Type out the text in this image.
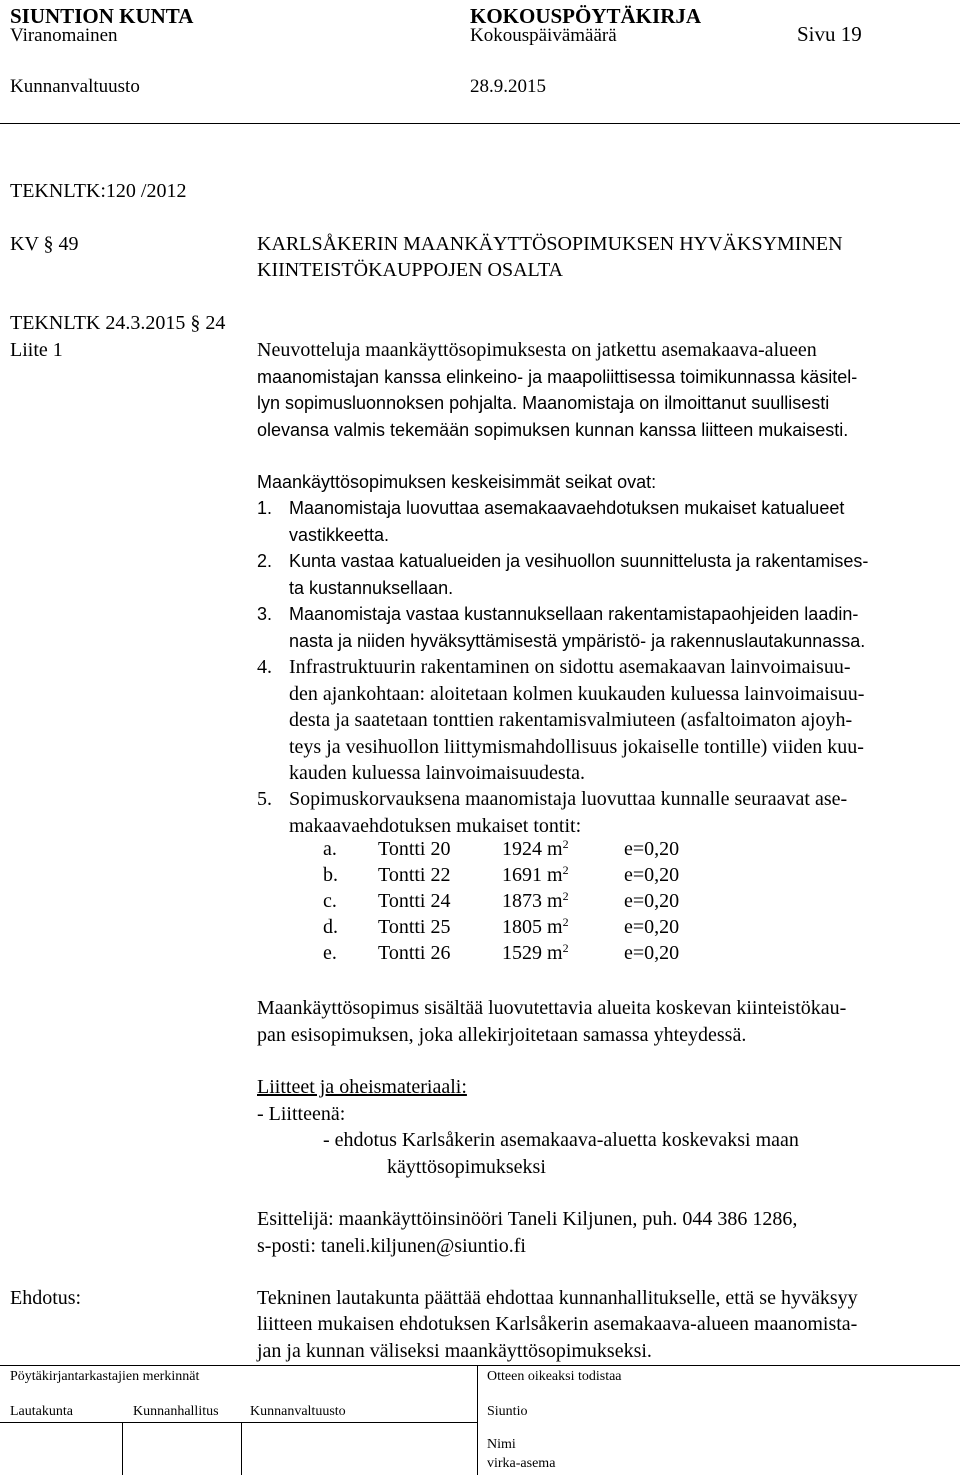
SIUNTION KUNTA	KOKOUSPÖYTÄKIRJA
Viranomainen	Kokouspäivämäärä	Sivu 19
Kunnanvaltuusto	28.9.2015
TEKNLTK:120 /2012
KV § 49	KARLSÅKERIN MAANKÄYTTÖSOPIMUKSEN HYVÄKSYMINEN
KIINTEISTÖKAUPPOJEN OSALTA
TEKNLTK 24.3.2015 § 24
Liite 1	Neuvotteluja maankäyttösopimuksesta on jatkettu asemakaava-alueen
maanomistajan kanssa elinkeino- ja maapoliittisessa toimikunnassa käsitel-
lyn sopimusluonnoksen pohjalta. Maanomistaja on ilmoittanut suullisesti
olevansa valmis tekemään sopimuksen kunnan kanssa liitteen mukaisesti.
Maankäyttösopimuksen keskeisimmät seikat ovat:
1. Maanomistaja luovuttaa asemakaavaehdotuksen mukaiset katualueet
vastikkeetta.
2. Kunta vastaa katualueiden ja vesihuollon suunnittelusta ja rakentamises-
ta kustannuksellaan.
3. Maanomistaja vastaa kustannuksellaan rakentamistapaohjeiden laadin-
nasta ja niiden hyväksyttämisestä ympäristö- ja rakennuslautakunnassa.
4. Infrastruktuurin rakentaminen on sidottu asemakaavan lainvoimaisuu-
den ajankohtaan: aloitetaan kolmen kuukauden kuluessa lainvoimaisuu-
desta ja saatetaan tonttien rakentamisvalmiuteen (asfaltoimaton ajoyh-
teys ja vesihuollon liittymismahdollisuus jokaiselle tontille) viiden kuu-
kauden kuluessa lainvoimaisuudesta.
5. Sopimuskorvauksena maanomistaja luovuttaa kunnalle seuraavat ase-
makaavaehdotuksen mukaiset tontit:
a.	Tontti 20	1924 $m^2$	e=0,20
b.	Tontti 22	1691 $m^2$	e=0,20
c.	Tontti 24	1873 $m^2$	e=0,20
d.	Tontti 25	1805 $m^2$	e=0,20
e.	Tontti 26	1529 $m^2$	e=0,20
Maankäyttösopimus sisältää luovutettavia alueita koskevan kiinteistökau-
pan esisopimuksen, joka allekirjoitetaan samassa yhteydessä.
Liitteet ja oheismateriaali:
- Liitteenä:
- ehdotus Karlsåkerin asemakaava-aluetta koskevaksi maan
käyttösopimukseksi
Esittelijä: maankäyttöinsinööri Taneli Kiljunen, puh. 044 386 1286,
s-posti: taneli.kiljunen@siuntio.fi
Ehdotus:	Tekninen lautakunta päättää ehdottaa kunnanhallitukselle, että se hyväksyy
liitteen mukaisen ehdotuksen Karlsåkerin asemakaava-alueen maanomista-
jan ja kunnan väliseksi maankäyttösopimukseksi.
Pöytäkirjantarkastajien merkinnät	Otteen oikeaksi todistaa
Lautakunta	Kunnanhallitus Kunnanvaltuusto	Siuntio
Nimi
virka-asema
